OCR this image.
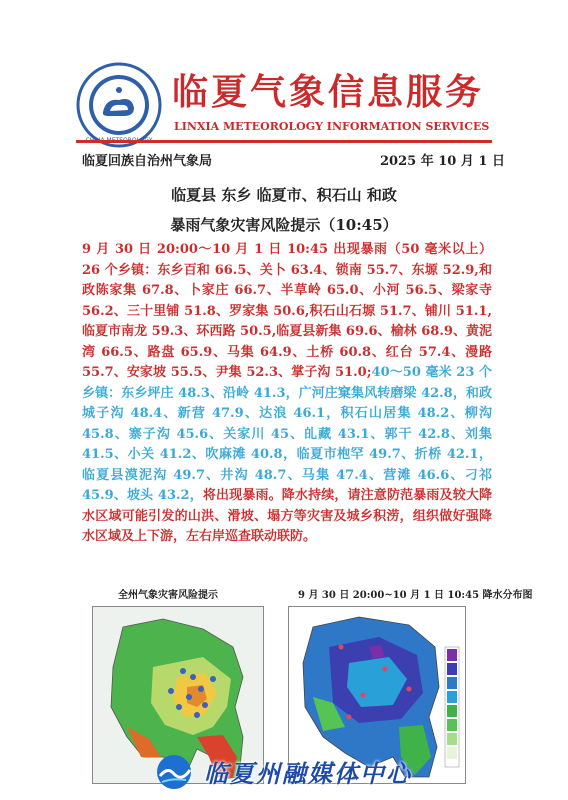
临夏气象信息服务
LINXIA METEOROLOGY INFORMATION SERVICES
临夏回族自治州气象局	2025 年 10 月 1 日
临夏县 东乡 临夏市、积石山 和政
暴雨气象灾害风险提示（10:45）
9 月 30 日 20:00～10 月 1 日 10:45 出现暴雨（50 毫米以上）26 个乡镇：东乡百和 66.5、关卜 63.4、锁南 55.7、东塬 52.9,和政陈家集 67.8、卜家庄 66.7、半草岭 65.0、小河 56.5、梁家寺 56.2、三十里铺 51.8、罗家集 50.6,积石山石塬 51.7、铺川 51.1,临夏市南龙 59.3、环西路 50.5,临夏县新集 69.6、榆林 68.9、黄泥湾 66.5、路盘 65.9、马集 64.9、土桥 60.8、红台 57.4、漫路 55.7、安家坡 55.5、尹集 52.3、掌子沟 51.0;40～50 毫米 23 个乡镇：东乡坪庄 48.3、沿岭 41.3，广河庄窠集风转磨梁 42.8，和政城子沟 48.4、新营 47.9、达浪 46.1，积石山居集 48.2、柳沟 45.8、寨子沟 45.6、关家川 45、癿藏 43.1、郭干 42.8、刘集 41.5、小关 41.2、吹麻滩 40.8，临夏市枹罕 49.7、折桥 42.1，临夏县漠泥沟 49.7、井沟 48.7、马集 47.4、营滩 46.6、刁祁 45.9、坡头 43.2，将出现暴雨。降水持续，请注意防范暴雨及较大降水区域可能引发的山洪、滑坡、塌方等灾害及城乡积涝，组织做好强降水区域及上下游，左右岸巡查联动联防。
全州气象灾害风险提示	9 月 30 日 20:00~10 月 1 日 10:45 降水分布图
临夏州融媒体中心
